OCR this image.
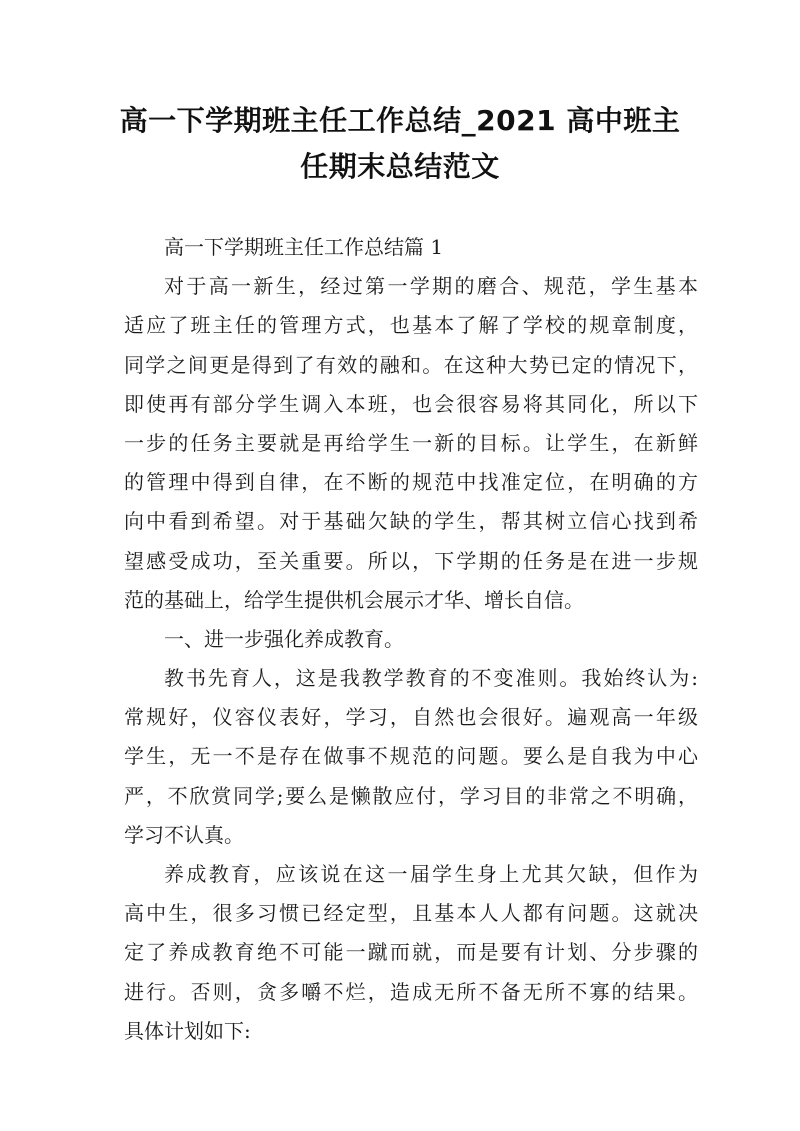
高一下学期班主任工作总结_2021 高中班主
任期末总结范文
高一下学期班主任工作总结篇 1
对于高一新生，经过第一学期的磨合、规范，学生基本
适应了班主任的管理方式，也基本了解了学校的规章制度，
同学之间更是得到了有效的融和。在这种大势已定的情况下，
即使再有部分学生调入本班，也会很容易将其同化，所以下
一步的任务主要就是再给学生一新的目标。让学生，在新鲜
的管理中得到自律，在不断的规范中找准定位，在明确的方
向中看到希望。对于基础欠缺的学生，帮其树立信心找到希
望感受成功，至关重要。所以，下学期的任务是在进一步规
范的基础上，给学生提供机会展示才华、增长自信。
一、进一步强化养成教育。
教书先育人，这是我教学教育的不变准则。我始终认为:
常规好，仪容仪表好，学习，自然也会很好。遍观高一年级
学生，无一不是存在做事不规范的问题。要么是自我为中心
严，不欣赏同学;要么是懒散应付，学习目的非常之不明确，
学习不认真。
养成教育，应该说在这一届学生身上尤其欠缺，但作为
高中生，很多习惯已经定型，且基本人人都有问题。这就决
定了养成教育绝不可能一蹴而就，而是要有计划、分步骤的
进行。否则，贪多嚼不烂，造成无所不备无所不寡的结果。
具体计划如下:
